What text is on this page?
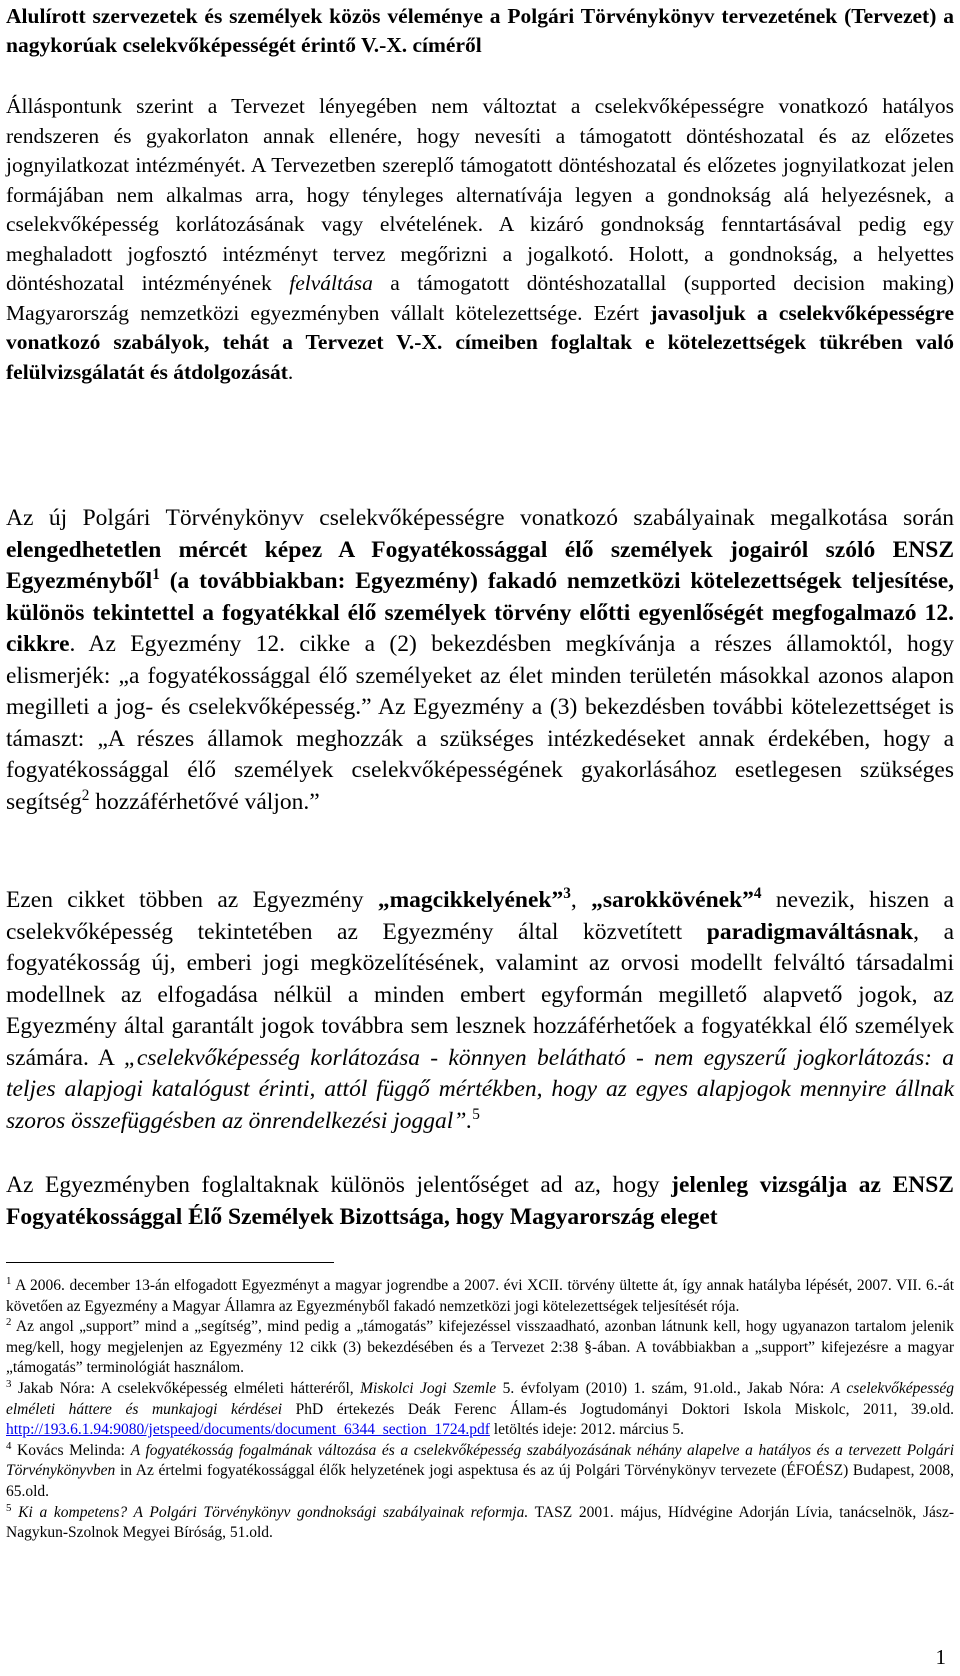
Alulírott szervezetek és személyek közös véleménye a Polgári Törvénykönyv tervezetének (Tervezet) a nagykorúak cselekvőképességét érintő V.-X. címéről
Álláspontunk szerint a Tervezet lényegében nem változtat a cselekvőképességre vonatkozó hatályos rendszeren és gyakorlaton annak ellenére, hogy nevesíti a támogatott döntéshozatal és az előzetes jognyilatkozat intézményét. A Tervezetben szereplő támogatott döntéshozatal és előzetes jognyilatkozat jelen formájában nem alkalmas arra, hogy tényleges alternatívája legyen a gondnokság alá helyezésnek, a cselekvőképesség korlátozásának vagy elvételének. A kizáró gondnokság fenntartásával pedig egy meghaladott jogfosztó intézményt tervez megőrizni a jogalkotó. Holott, a gondnokság, a helyettes döntéshozatal intézményének felváltása a támogatott döntéshozatallal (supported decision making) Magyarország nemzetközi egyezményben vállalt kötelezettsége. Ezért javasoljuk a cselekvőképességre vonatkozó szabályok, tehát a Tervezet V.-X. címeiben foglaltak e kötelezettségek tükrében való felülvizsgálatát és átdolgozását.
Az új Polgári Törvénykönyv cselekvőképességre vonatkozó szabályainak megalkotása során elengedhetetlen mércét képez A Fogyatékossággal élő személyek jogairól szóló ENSZ Egyezményből$^1$ (a továbbiakban: Egyezmény) fakadó nemzetközi kötelezettségek teljesítése, különös tekintettel a fogyatékkal élő személyek törvény előtti egyenlőségét megfogalmazó 12. cikkre. Az Egyezmény 12. cikke a (2) bekezdésben megkívánja a részes államoktól, hogy elismerjék: „a fogyatékossággal élő személyeket az élet minden területén másokkal azonos alapon megilleti a jog- és cselekvőképesség.” Az Egyezmény a (3) bekezdésben további kötelezettséget is támaszt: „A részes államok meghozzák a szükséges intézkedéseket annak érdekében, hogy a fogyatékossággal élő személyek cselekvőképességének gyakorlásához esetlegesen szükséges segítség$^2$ hozzáférhetővé váljon.”
Ezen cikket többen az Egyezmény „magcikkelyének”$^3$, „sarokkövének”$^4$ nevezik, hiszen a cselekvőképesség tekintetében az Egyezmény által közvetített paradigmaváltásnak, a fogyatékosság új, emberi jogi megközelítésének, valamint az orvosi modellt felváltó társadalmi modellnek az elfogadása nélkül a minden embert egyformán megillető alapvető jogok, az Egyezmény által garantált jogok továbbra sem lesznek hozzáférhetőek a fogyatékkal élő személyek számára. A „cselekvőképesség korlátozása - könnyen belátható - nem egyszerű jogkorlátozás: a teljes alapjogi katalógust érinti, attól függő mértékben, hogy az egyes alapjogok mennyire állnak szoros összefüggésben az önrendelkezési joggal”.$^5$
Az Egyezményben foglaltaknak különös jelentőséget ad az, hogy jelenleg vizsgálja az ENSZ Fogyatékossággal Élő Személyek Bizottsága, hogy Magyarország eleget

$^1$ A 2006. december 13-án elfogadott Egyezményt a magyar jogrendbe a 2007. évi XCII. törvény ültette át, így annak hatályba lépését, 2007. VII. 6.-át követően az Egyezmény a Magyar Államra az Egyezményből fakadó nemzetközi jogi kötelezettségek teljesítését rója.

$^2$ Az angol „support” mind a „segítség”, mind pedig a „támogatás” kifejezéssel visszaadható, azonban látnunk kell, hogy ugyanazon tartalom jelenik meg/kell, hogy megjelenjen az Egyezmény 12 cikk (3) bekezdésében és a Tervezet 2:38 §-ában. A továbbiakban a „support” kifejezésre a magyar „támogatás” terminológiát használom.

$^3$ Jakab Nóra: A cselekvőképesség elméleti hátteréről, Miskolci Jogi Szemle 5. évfolyam (2010) 1. szám, 91.old., Jakab Nóra: A cselekvőképesség elméleti háttere és munkajogi kérdései PhD értekezés Deák Ferenc Állam-és Jogtudományi Doktori Iskola Miskolc, 2011, 39.old. http://193.6.1.94:9080/jetspeed/documents/document_6344_section_1724.pdf letöltés ideje: 2012. március 5.

$^4$ Kovács Melinda: A fogyatékosság fogalmának változása és a cselekvőképesség szabályozásának néhány alapelve a hatályos és a tervezett Polgári Törvénykönyvben in Az értelmi fogyatékossággal élők helyzetének jogi aspektusa és az új Polgári Törvénykönyv tervezete (ÉFOÉSZ) Budapest, 2008, 65.old.

$^5$ Ki a kompetens? A Polgári Törvénykönyv gondnoksági szabályainak reformja. TASZ 2001. május, Hídvégine Adorján Lívia, tanácselnök, Jász-Nagykun-Szolnok Megyei Bíróság, 51.old.

1
